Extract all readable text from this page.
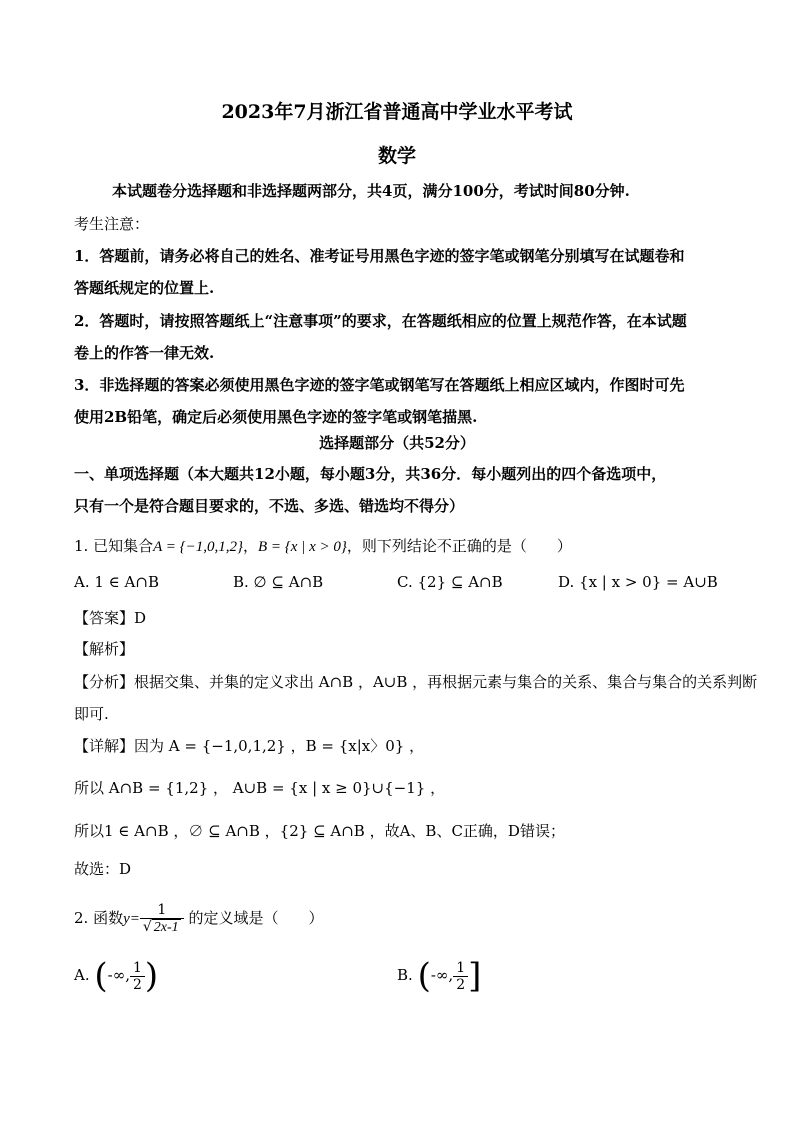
2023年7月浙江省普通高中学业水平考试
数学
本试题卷分选择题和非选择题两部分，共4页，满分100分，考试时间80分钟.
考生注意：
1．答题前，请务必将自己的姓名、准考证号用黑色字迹的签字笔或钢笔分别填写在试题卷和
答题纸规定的位置上.
2．答题时，请按照答题纸上“注意事项”的要求，在答题纸相应的位置上规范作答，在本试题
卷上的作答一律无效.
3．非选择题的答案必须使用黑色字迹的签字笔或钢笔写在答题纸上相应区域内，作图时可先
使用2B铅笔，确定后必须使用黑色字迹的签字笔或钢笔描黑.
选择题部分（共52分）
一、单项选择题（本大题共12小题，每小题3分，共36分．每小题列出的四个备选项中，
只有一个是符合题目要求的，不选、多选、错选均不得分）
1. 已知集合A = {−1,0,1,2}，B = {x | x > 0}，则下列结论不正确的是（　　）
A. 1 ∈ A∩B	B. ∅ ⊆ A∩B	C. {2} ⊆ A∩B	D. {x | x > 0} = A∪B
【答案】D
【解析】
【分析】根据交集、并集的定义求出 A∩B ，A∪B ，再根据元素与集合的关系、集合与集合的关系判断
即可.
【详解】因为 A = {−1,0,1,2} ，B = {x|x〉0} ，
所以 A∩B = {1,2} ， A∪B = {x | x ≥ 0}∪{−1} ，
所以1 ∈ A∩B ，∅ ⊆ A∩B ，{2} ⊆ A∩B ，故A、B、C正确，D错误；
故选：D
2. 函数$y= \frac{1}{√ 2x-1}$ 的定义域是（　　）
A. (-∞, $\frac{1}{2}$ )	B. (-∞, $\frac{1}{2}$ ]
